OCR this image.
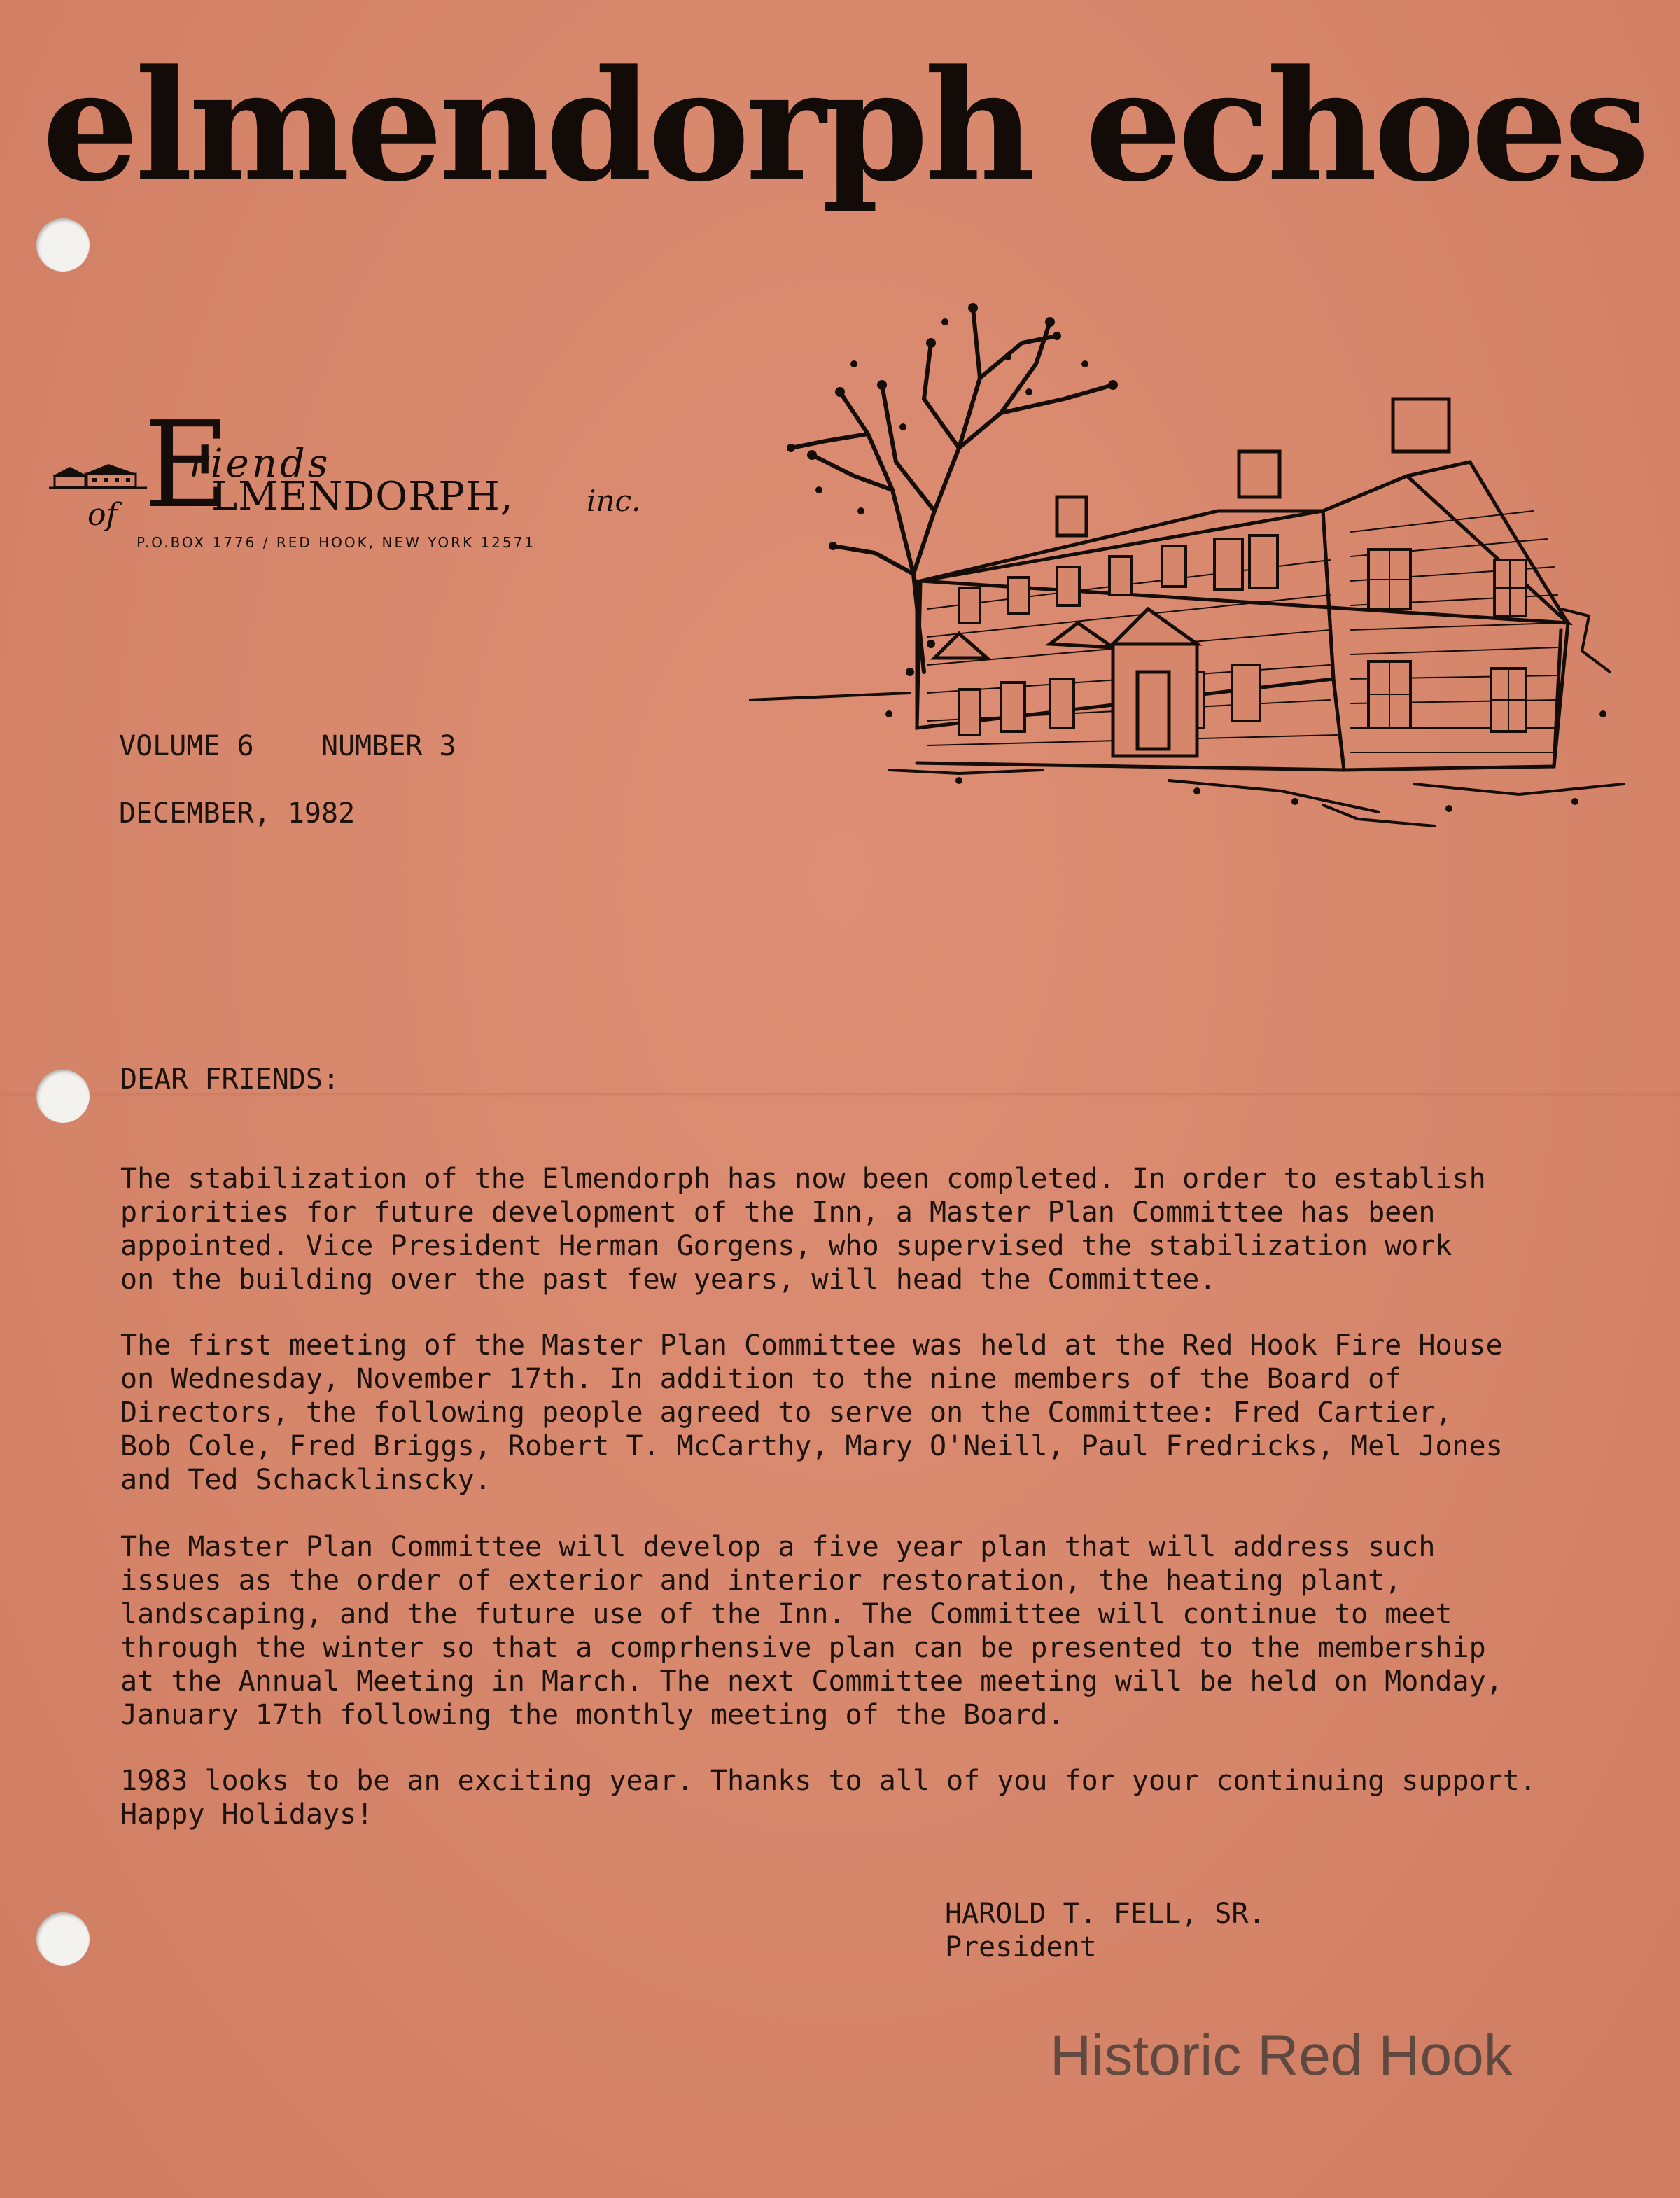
elmendorph echoes
of E
riends
LMENDORPH, inc.
P.O.BOX 1776 / RED HOOK, NEW YORK 12571
VOLUME 6 NUMBER 3

DECEMBER, 1982
DEAR FRIENDS:
The stabilization of the Elmendorph has now been completed. In order to establish
priorities for future development of the Inn, a Master Plan Committee has been
appointed. Vice President Herman Gorgens, who supervised the stabilization work
on the building over the past few years, will head the Committee.
The first meeting of the Master Plan Committee was held at the Red Hook Fire House
on Wednesday, November 17th. In addition to the nine members of the Board of
Directors, the following people agreed to serve on the Committee: Fred Cartier,
Bob Cole, Fred Briggs, Robert T. McCarthy, Mary O'Neill, Paul Fredricks, Mel Jones
and Ted Schacklinscky.
The Master Plan Committee will develop a five year plan that will address such
issues as the order of exterior and interior restoration, the heating plant,
landscaping, and the future use of the Inn. The Committee will continue to meet
through the winter so that a comprhensive plan can be presented to the membership
at the Annual Meeting in March. The next Committee meeting will be held on Monday,
January 17th following the monthly meeting of the Board.
1983 looks to be an exciting year. Thanks to all of you for your continuing support.
Happy Holidays!
HAROLD T. FELL, SR.
President
Historic Red Hook
